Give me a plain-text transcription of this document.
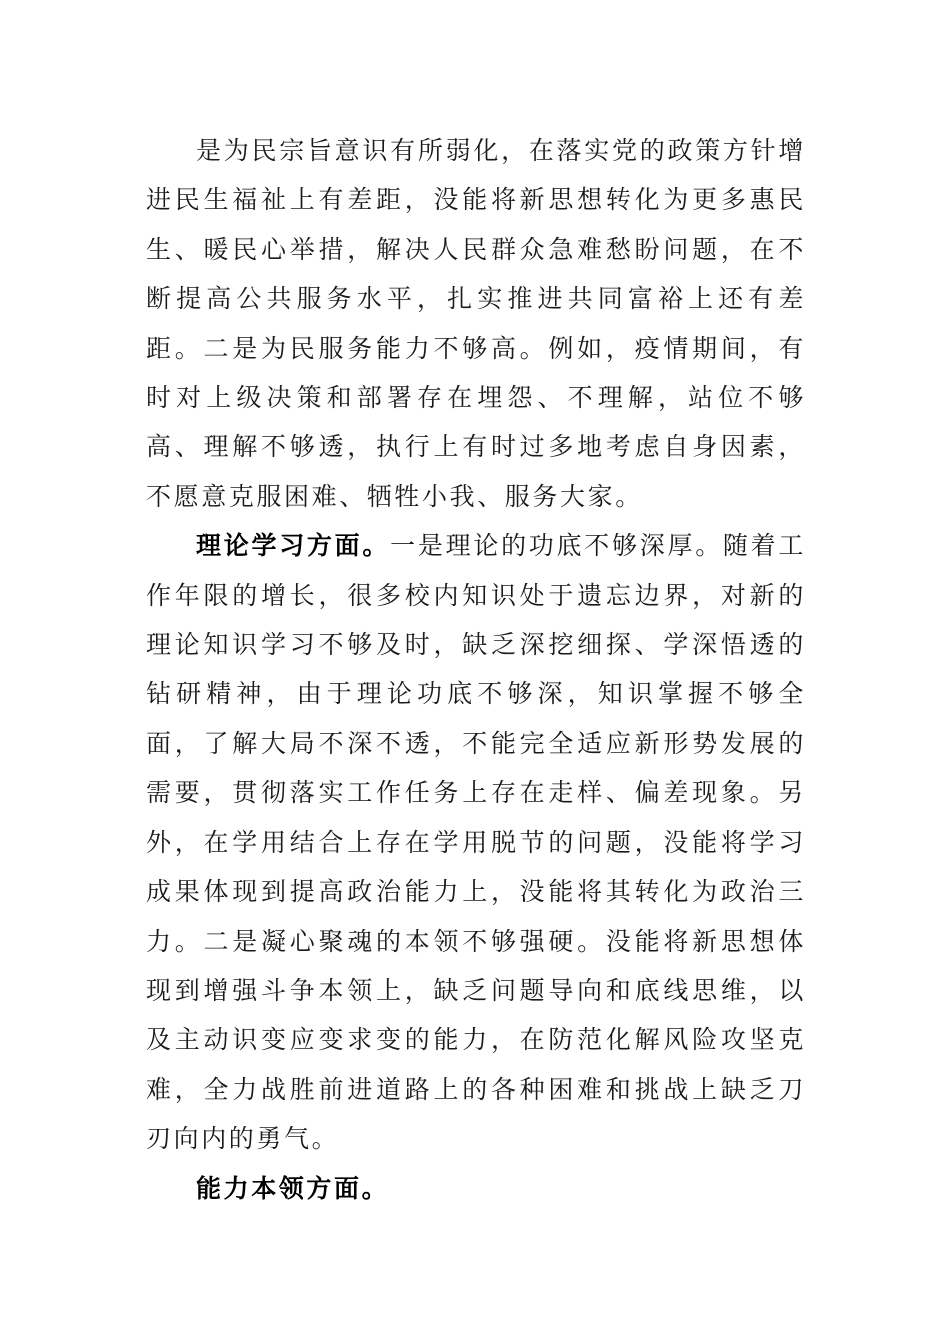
是为民宗旨意识有所弱化，在落实党的政策方针增进民生福祉上有差距，没能将新思想转化为更多惠民生、暖民心举措，解决人民群众急难愁盼问题，在不断提高公共服务水平，扎实推进共同富裕上还有差距。二是为民服务能力不够高。例如，疫情期间，有时对上级决策和部署存在埋怨、不理解，站位不够高、理解不够透，执行上有时过多地考虑自身因素，不愿意克服困难、牺牲小我、服务大家。

理论学习方面。一是理论的功底不够深厚。随着工作年限的增长，很多校内知识处于遗忘边界，对新的理论知识学习不够及时，缺乏深挖细探、学深悟透的钻研精神，由于理论功底不够深，知识掌握不够全面，了解大局不深不透，不能完全适应新形势发展的需要，贯彻落实工作任务上存在走样、偏差现象。另外，在学用结合上存在学用脱节的问题，没能将学习成果体现到提高政治能力上，没能将其转化为政治三力。二是凝心聚魂的本领不够强硬。没能将新思想体现到增强斗争本领上，缺乏问题导向和底线思维，以及主动识变应变求变的能力，在防范化解风险攻坚克难，全力战胜前进道路上的各种困难和挑战上缺乏刀刃向内的勇气。

能力本领方面。
